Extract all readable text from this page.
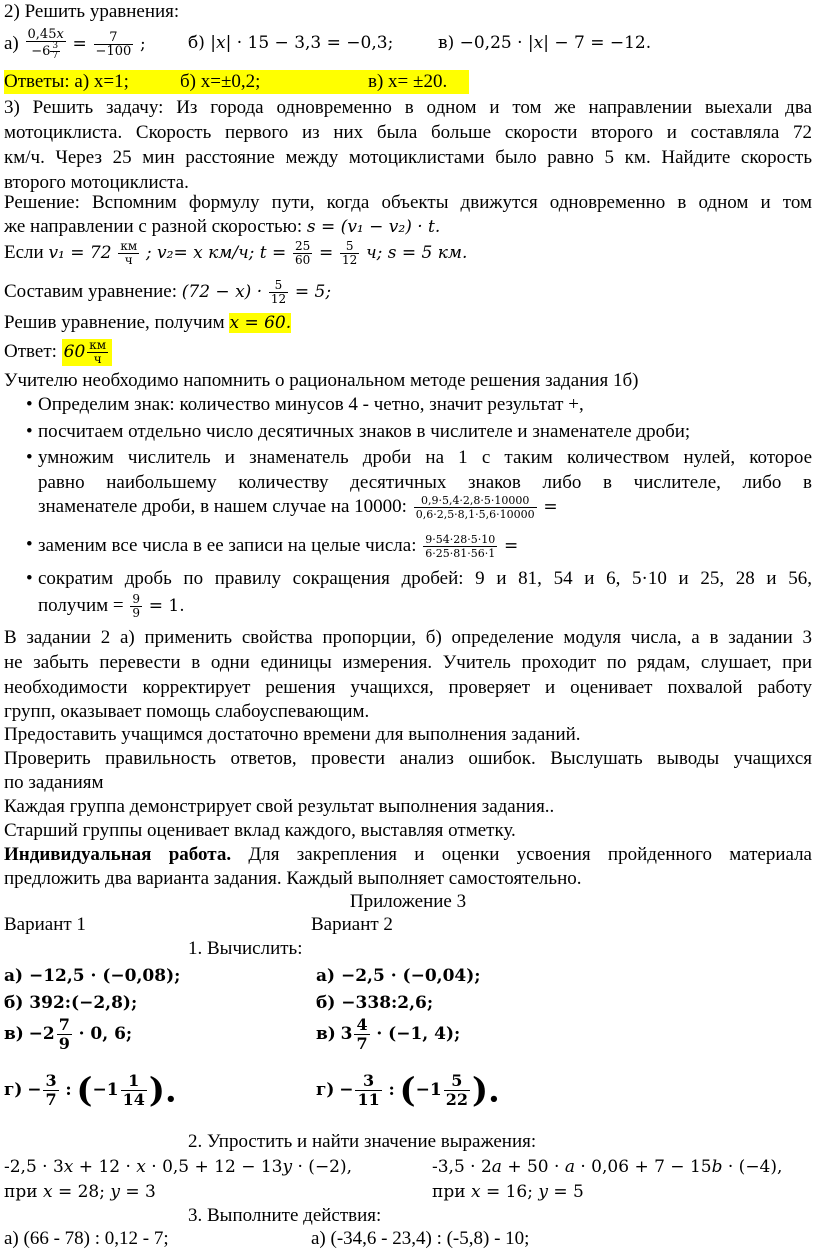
2) Решить уравнения:
$а) \frac{\text{0,45𝑥}}{-6 \frac{3}{7}} = \frac{7}{-100}$ ; б) |𝑥| · 15 − 3,3 = −0,3;	в) −0,25 · |𝑥| − 7 = −12.
Ответы: а) x=1;	б) x=±0,2;	в) x= ±20.
3) Решить задачу: Из города одновременно в одном и том же направлении выехали два
мотоциклиста. Скорость первого из них была больше скорости второго и составляла 72
км/ч. Через 25 мин расстояние между мотоциклистами было равно 5 км. Найдите скорость
второго мотоциклиста.
Решение: Вспомним формулу пути, когда объекты движутся одновременно в одном и том
же направлении с разной скоростью: 𝑠 = (𝑣₁ − 𝑣₂) · 𝑡.
Если 𝑣₁ = $72 \frac{км}{ч}$ ; 𝑣₂= х км/ч; 𝑡 = $\frac{25}{60} = \frac{5}{12} ч$; 𝑠 = 5 км.
Составим уравнение: (72 − 𝑥) · $\frac{5}{12} = 5$;
Решив уравнение, получим 𝑥 = 60.
Ответ: $60 \frac{км}{ч}$
Учителю необходимо напомнить о рациональном методе решения задания 1б)
• Определим знак: количество минусов 4 - четно, значит результат +,
• посчитаем отдельно число десятичных знаков в числителе и знаменателе дроби;
• умножим числитель и знаменатель дроби на 1 с таким количеством нулей, которое
равно наибольшему количеству десятичных знаков либо в числителе, либо в
знаменателе дроби, в нашем случае на 10000: $\frac{0,9\cdot 5,4\cdot 2,8\cdot 5\cdot 10000}{0,6\cdot 2,5\cdot 8,1\cdot 5,6\cdot 10000}$ =
• заменим все числа в ее записи на целые числа: $\frac{9\cdot 54\cdot 28\cdot 5\cdot 10}{6\cdot 25\cdot 81\cdot 56\cdot 1}$ =
• сократим дробь по правилу сокращения дробей: 9 и 81, 54 и 6, 5·10 и 25, 28 и 56,
получим = $\frac{9}{9} = 1$.
В задании 2 а) применить свойства пропорции, б) определение модуля числа, а в задании 3
не забыть перевести в одни единицы измерения. Учитель проходит по рядам, слушает, при
необходимости корректирует решения учащихся, проверяет и оценивает похвалой работу
групп, оказывает помощь слабоуспевающим.
Предоставить учащимся достаточно времени для выполнения заданий.
Проверить правильность ответов, провести анализ ошибок. Выслушать выводы учащихся
по заданиям
Каждая группа демонстрирует свой результат выполнения задания..
Старший группы оценивает вклад каждого, выставляя отметку.
Индивидуальная работа. Для закрепления и оценки усвоения пройденного материала
предложить два варианта задания. Каждый выполняет самостоятельно.
Приложение 3
Вариант 1	Вариант 2
1. Вычислить:
а) −12,5 · (−0,08);	а) −2,5 · (−0,04);
б) 392:(−2,8);	б) −338:2,6;
$в) -2 \frac{7}{9} \cdot 0$, 6;	в) $3 \frac{4}{7} \cdot (-1$, 4);
$г) - \frac{3}{7}$ : ($-1 \frac{1}{14}$ ).	$г) - \frac{3}{11}$ : ($-1 \frac{5}{22}$ ).
2. Упростить и найти значение выражения:
-2,5 · 3𝑥 + 12 · 𝑥 · 0,5 + 12 − 13𝑦 · (−2),	-3,5 · 2𝑎 + 50 · 𝑎 · 0,06 + 7 − 15𝑏 · (−4),
при 𝑥 = 28; 𝑦 = 3	при 𝑥 = 16; 𝑦 = 5
3. Выполните действия:
а) (66 - 78) : 0,12 - 7;	а) (-34,6 - 23,4) : (-5,8) - 10;
